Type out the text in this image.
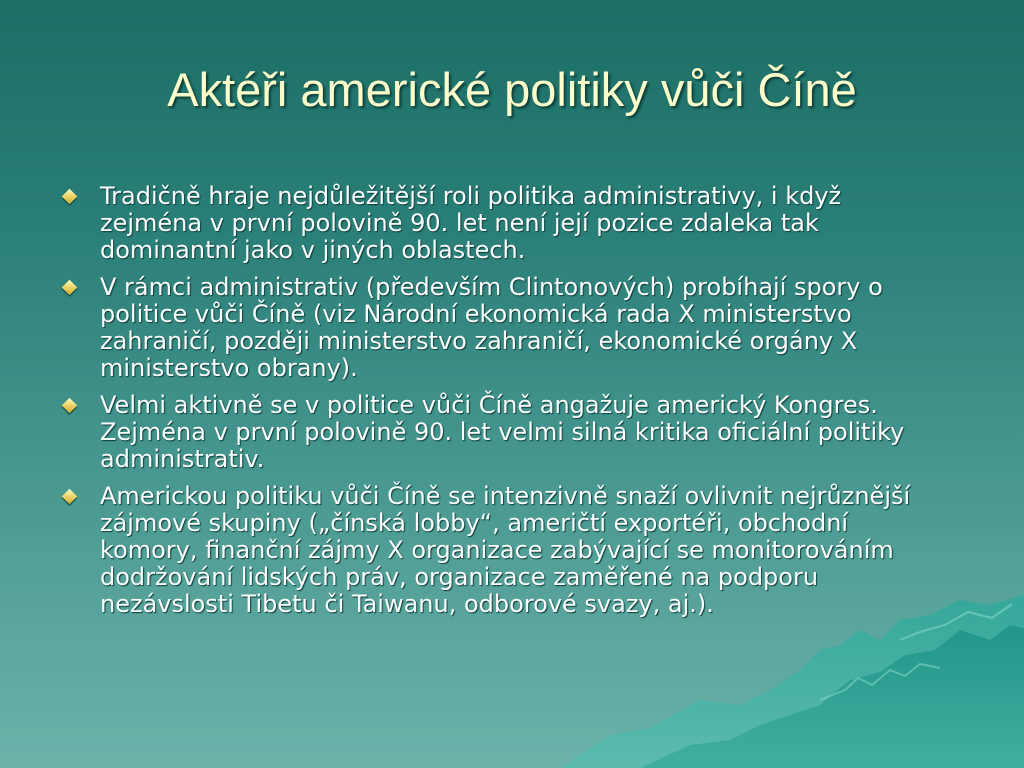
Aktéři americké politiky vůči Číně
Tradičně hraje nejdůležitější roli politika administrativy, i když zejména v první polovině 90. let není její pozice zdaleka tak dominantní jako v jiných oblastech.
V rámci administrativ (především Clintonových) probíhají spory o politice vůči Číně (viz Národní ekonomická rada X ministerstvo zahraničí, později ministerstvo zahraničí, ekonomické orgány X ministerstvo obrany).
Velmi aktivně se v politice vůči Číně angažuje americký Kongres. Zejména v první polovině 90. let velmi silná kritika oficiální politiky administrativ.
Americkou politiku vůči Číně se intenzivně snaží ovlivnit nejrůznější zájmové skupiny („čínská lobby“, američtí exportéři, obchodní komory, finanční zájmy X organizace zabývající se monitorováním dodržování lidských práv, organizace zaměřené na podporu nezávslosti Tibetu či Taiwanu, odborové svazy, aj.).
